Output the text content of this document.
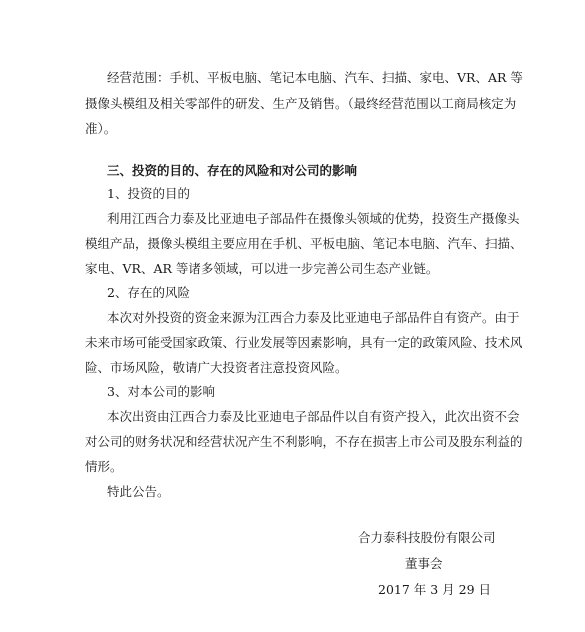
经营范围：手机、平板电脑、笔记本电脑、汽车、扫描、家电、VR、AR 等
摄像头模组及相关零部件的研发、生产及销售。（最终经营范围以工商局核定为
准）。
三、投资的目的、存在的风险和对公司的影响
1、投资的目的
利用江西合力泰及比亚迪电子部品件在摄像头领域的优势，投资生产摄像头
模组产品，摄像头模组主要应用在手机、平板电脑、笔记本电脑、汽车、扫描、
家电、VR、AR 等诸多领域，可以进一步完善公司生态产业链。
2、存在的风险
本次对外投资的资金来源为江西合力泰及比亚迪电子部品件自有资产。由于
未来市场可能受国家政策、行业发展等因素影响，具有一定的政策风险、技术风
险、市场风险，敬请广大投资者注意投资风险。
3、对本公司的影响
本次出资由江西合力泰及比亚迪电子部品件以自有资产投入，此次出资不会
对公司的财务状况和经营状况产生不利影响，不存在损害上市公司及股东利益的
情形。
特此公告。
合力泰科技股份有限公司
董事会
2017 年 3 月 29 日
